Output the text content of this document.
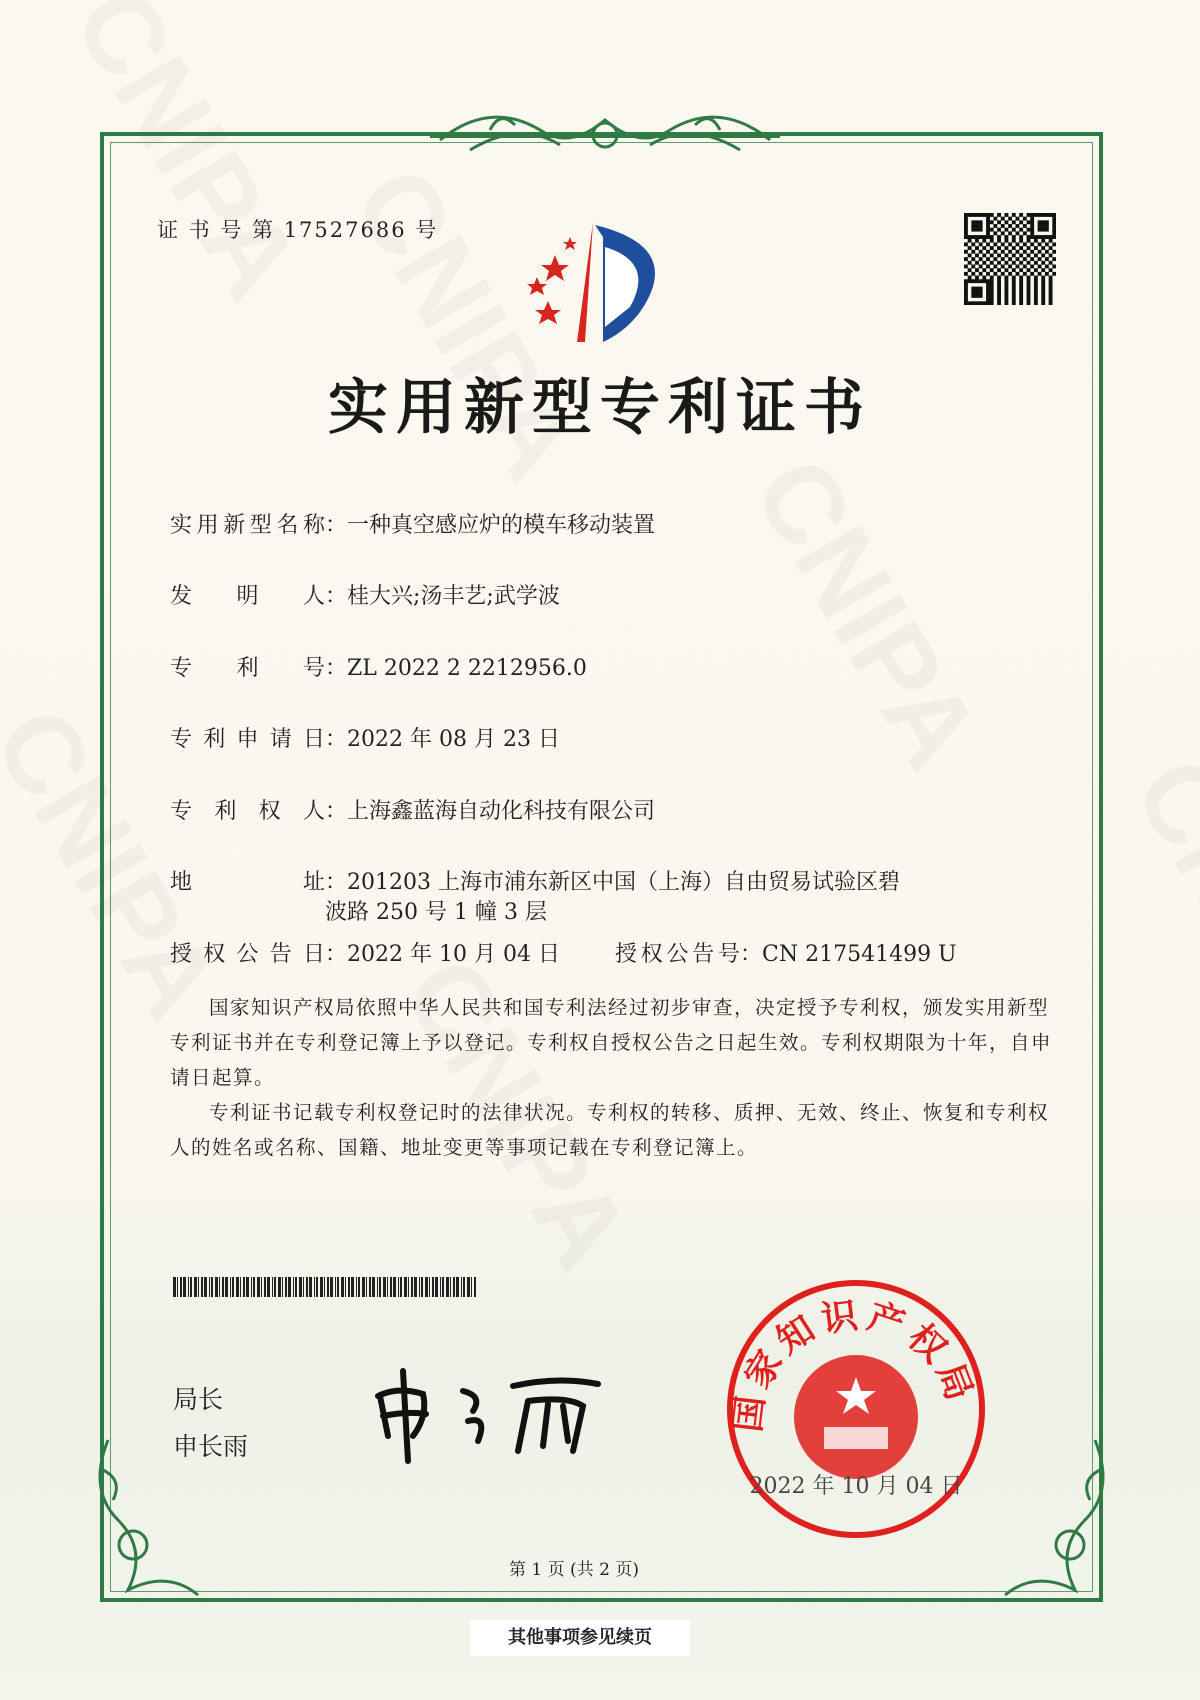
证 书 号 第 17527686 号
实用新型专利证书
实用新型名称：一种真空感应炉的模车移动装置
发明人：桂大兴;汤丰艺;武学波
专利号：ZL 2022 2 2212956.0
专利申请日：2022 年 08 月 23 日
专利权人：上海鑫蓝海自动化科技有限公司
地址：201203 上海市浦东新区中国（上海）自由贸易试验区碧
波路 250 号 1 幢 3 层
授权公告日：2022 年 10 月 04 日	授权公告号：CN 217541499 U

国家知识产权局依照中华人民共和国专利法经过初步审查，决定授予专利权，颁发实用新型专利证书并在专利登记簿上予以登记。专利权自授权公告之日起生效。专利权期限为十年，自申请日起算。

专利证书记载专利权登记时的法律状况。专利权的转移、质押、无效、终止、恢复和专利权人的姓名或名称、国籍、地址变更等事项记载在专利登记簿上。

局长
申长雨
国家知识产权局
2022 年 10 月 04 日
第 1 页 (共 2 页)
其他事项参见续页
